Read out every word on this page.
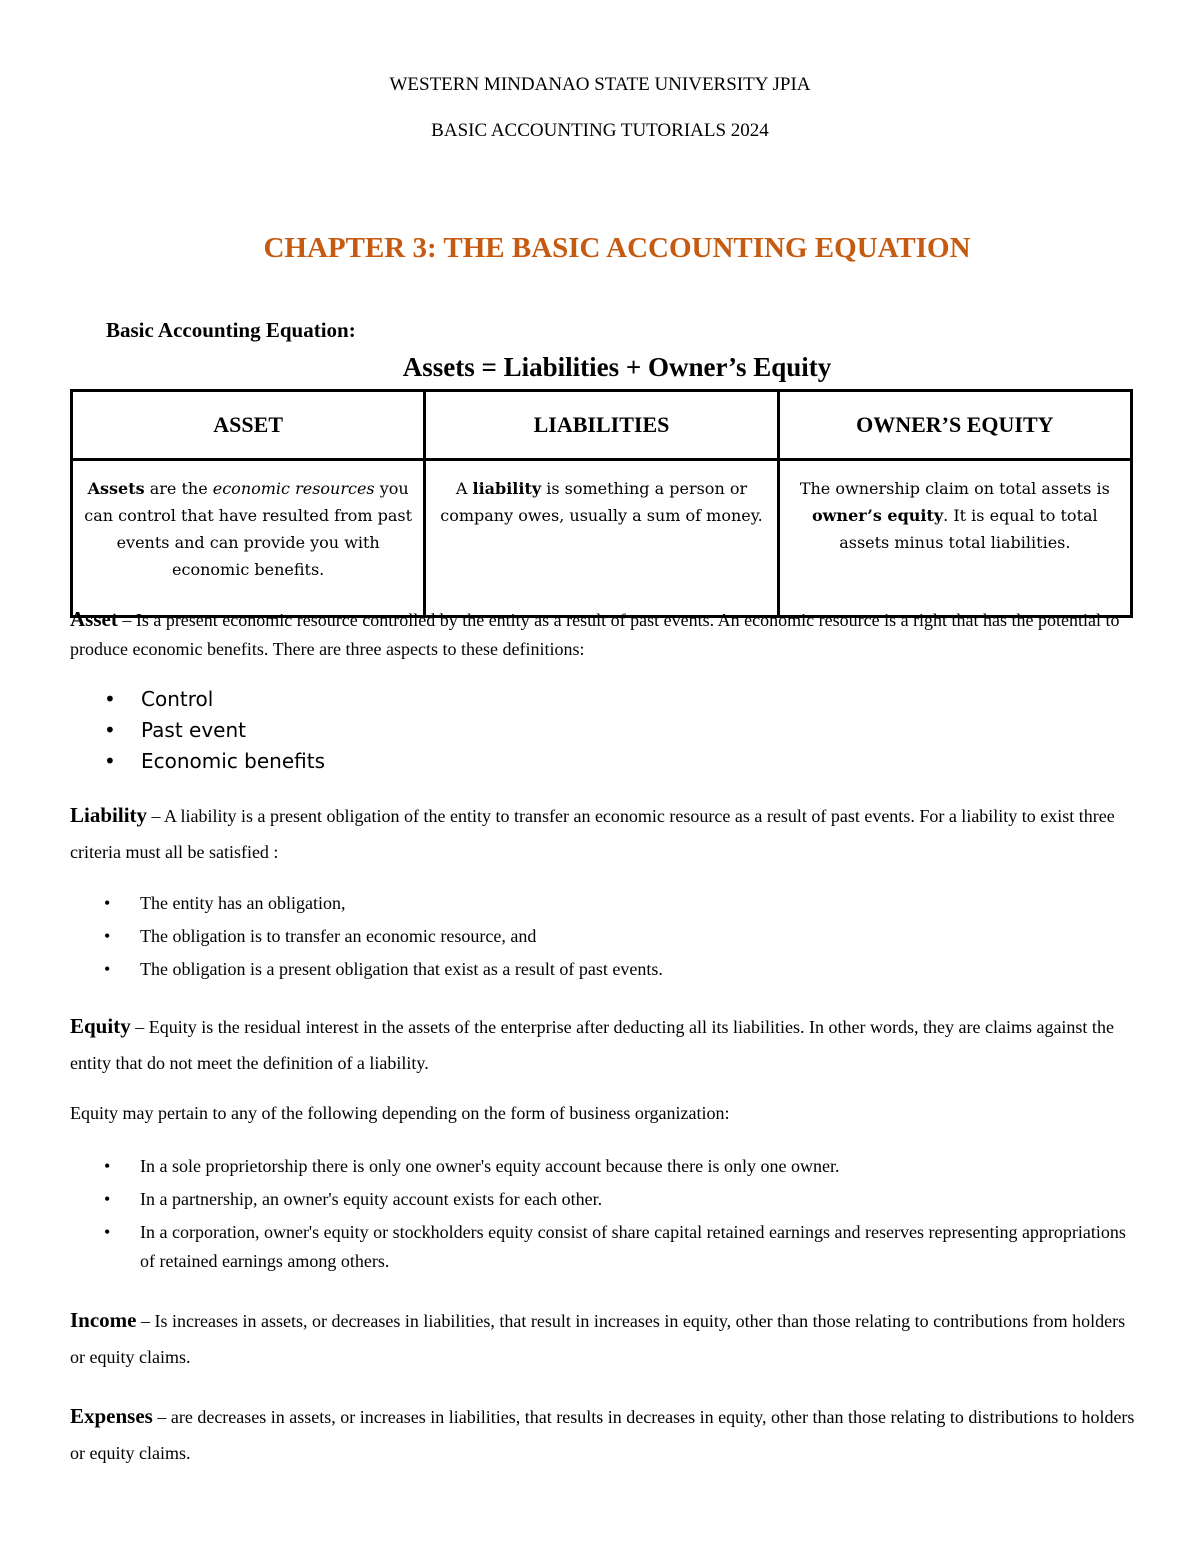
WESTERN MINDANAO STATE UNIVERSITY JPIA
BASIC ACCOUNTING TUTORIALS 2024
CHAPTER 3: THE BASIC ACCOUNTING EQUATION
Basic Accounting Equation:
Assets = Liabilities + Owner’s Equity
ASSET	LIABILITIES	OWNER’S EQUITY
Assets are the economic resources you can control that have resulted from past events and can provide you with economic benefits.	A liability is something a person or company owes, usually a sum of money.	The ownership claim on total assets is owner’s equity. It is equal to total assets minus total liabilities.
Asset – Is a present economic resource controlled by the entity as a result of past events. An economic resource is a right that has the potential to produce economic benefits. There are three aspects to these definitions:
• Control
• Past event
• Economic benefits
Liability – A liability is a present obligation of the entity to transfer an economic resource as a result of past events. For a liability to exist three criteria must all be satisfied :
• The entity has an obligation,
• The obligation is to transfer an economic resource, and
• The obligation is a present obligation that exist as a result of past events.
Equity – Equity is the residual interest in the assets of the enterprise after deducting all its liabilities. In other words, they are claims against the entity that do not meet the definition of a liability.
Equity may pertain to any of the following depending on the form of business organization:
• In a sole proprietorship there is only one owner's equity account because there is only one owner.
• In a partnership, an owner's equity account exists for each other.
• In a corporation, owner's equity or stockholders equity consist of share capital retained earnings and reserves representing appropriations of retained earnings among others.
Income – Is increases in assets, or decreases in liabilities, that result in increases in equity, other than those relating to contributions from holders or equity claims.
Expenses – are decreases in assets, or increases in liabilities, that results in decreases in equity, other than those relating to distributions to holders or equity claims.
